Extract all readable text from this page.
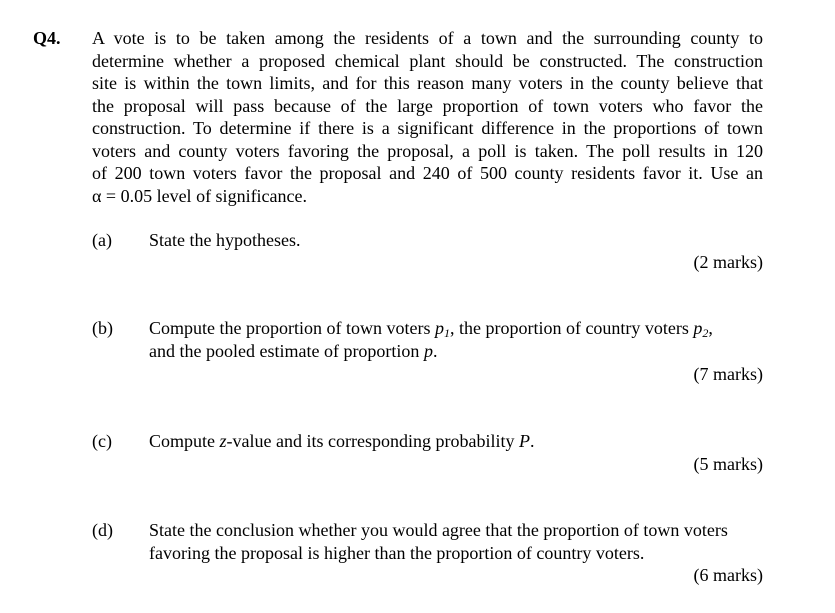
Q4. A vote is to be taken among the residents of a town and the surrounding county to
determine whether a proposed chemical plant should be constructed. The construction
site is within the town limits, and for this reason many voters in the county believe that
the proposal will pass because of the large proportion of town voters who favor the
construction. To determine if there is a significant difference in the proportions of town
voters and county voters favoring the proposal, a poll is taken. The poll results in 120
of 200 town voters favor the proposal and 240 of 500 county residents favor it. Use an
α = 0.05 level of significance.
(a) State the hypotheses.
(2 marks)
(b) Compute the proportion of town voters $p_1$, the proportion of country voters $p_2$,
and the pooled estimate of proportion p.
(7 marks)
(c) Compute z-value and its corresponding probability P.
(5 marks)
(d) State the conclusion whether you would agree that the proportion of town voters
favoring the proposal is higher than the proportion of country voters.
(6 marks)
